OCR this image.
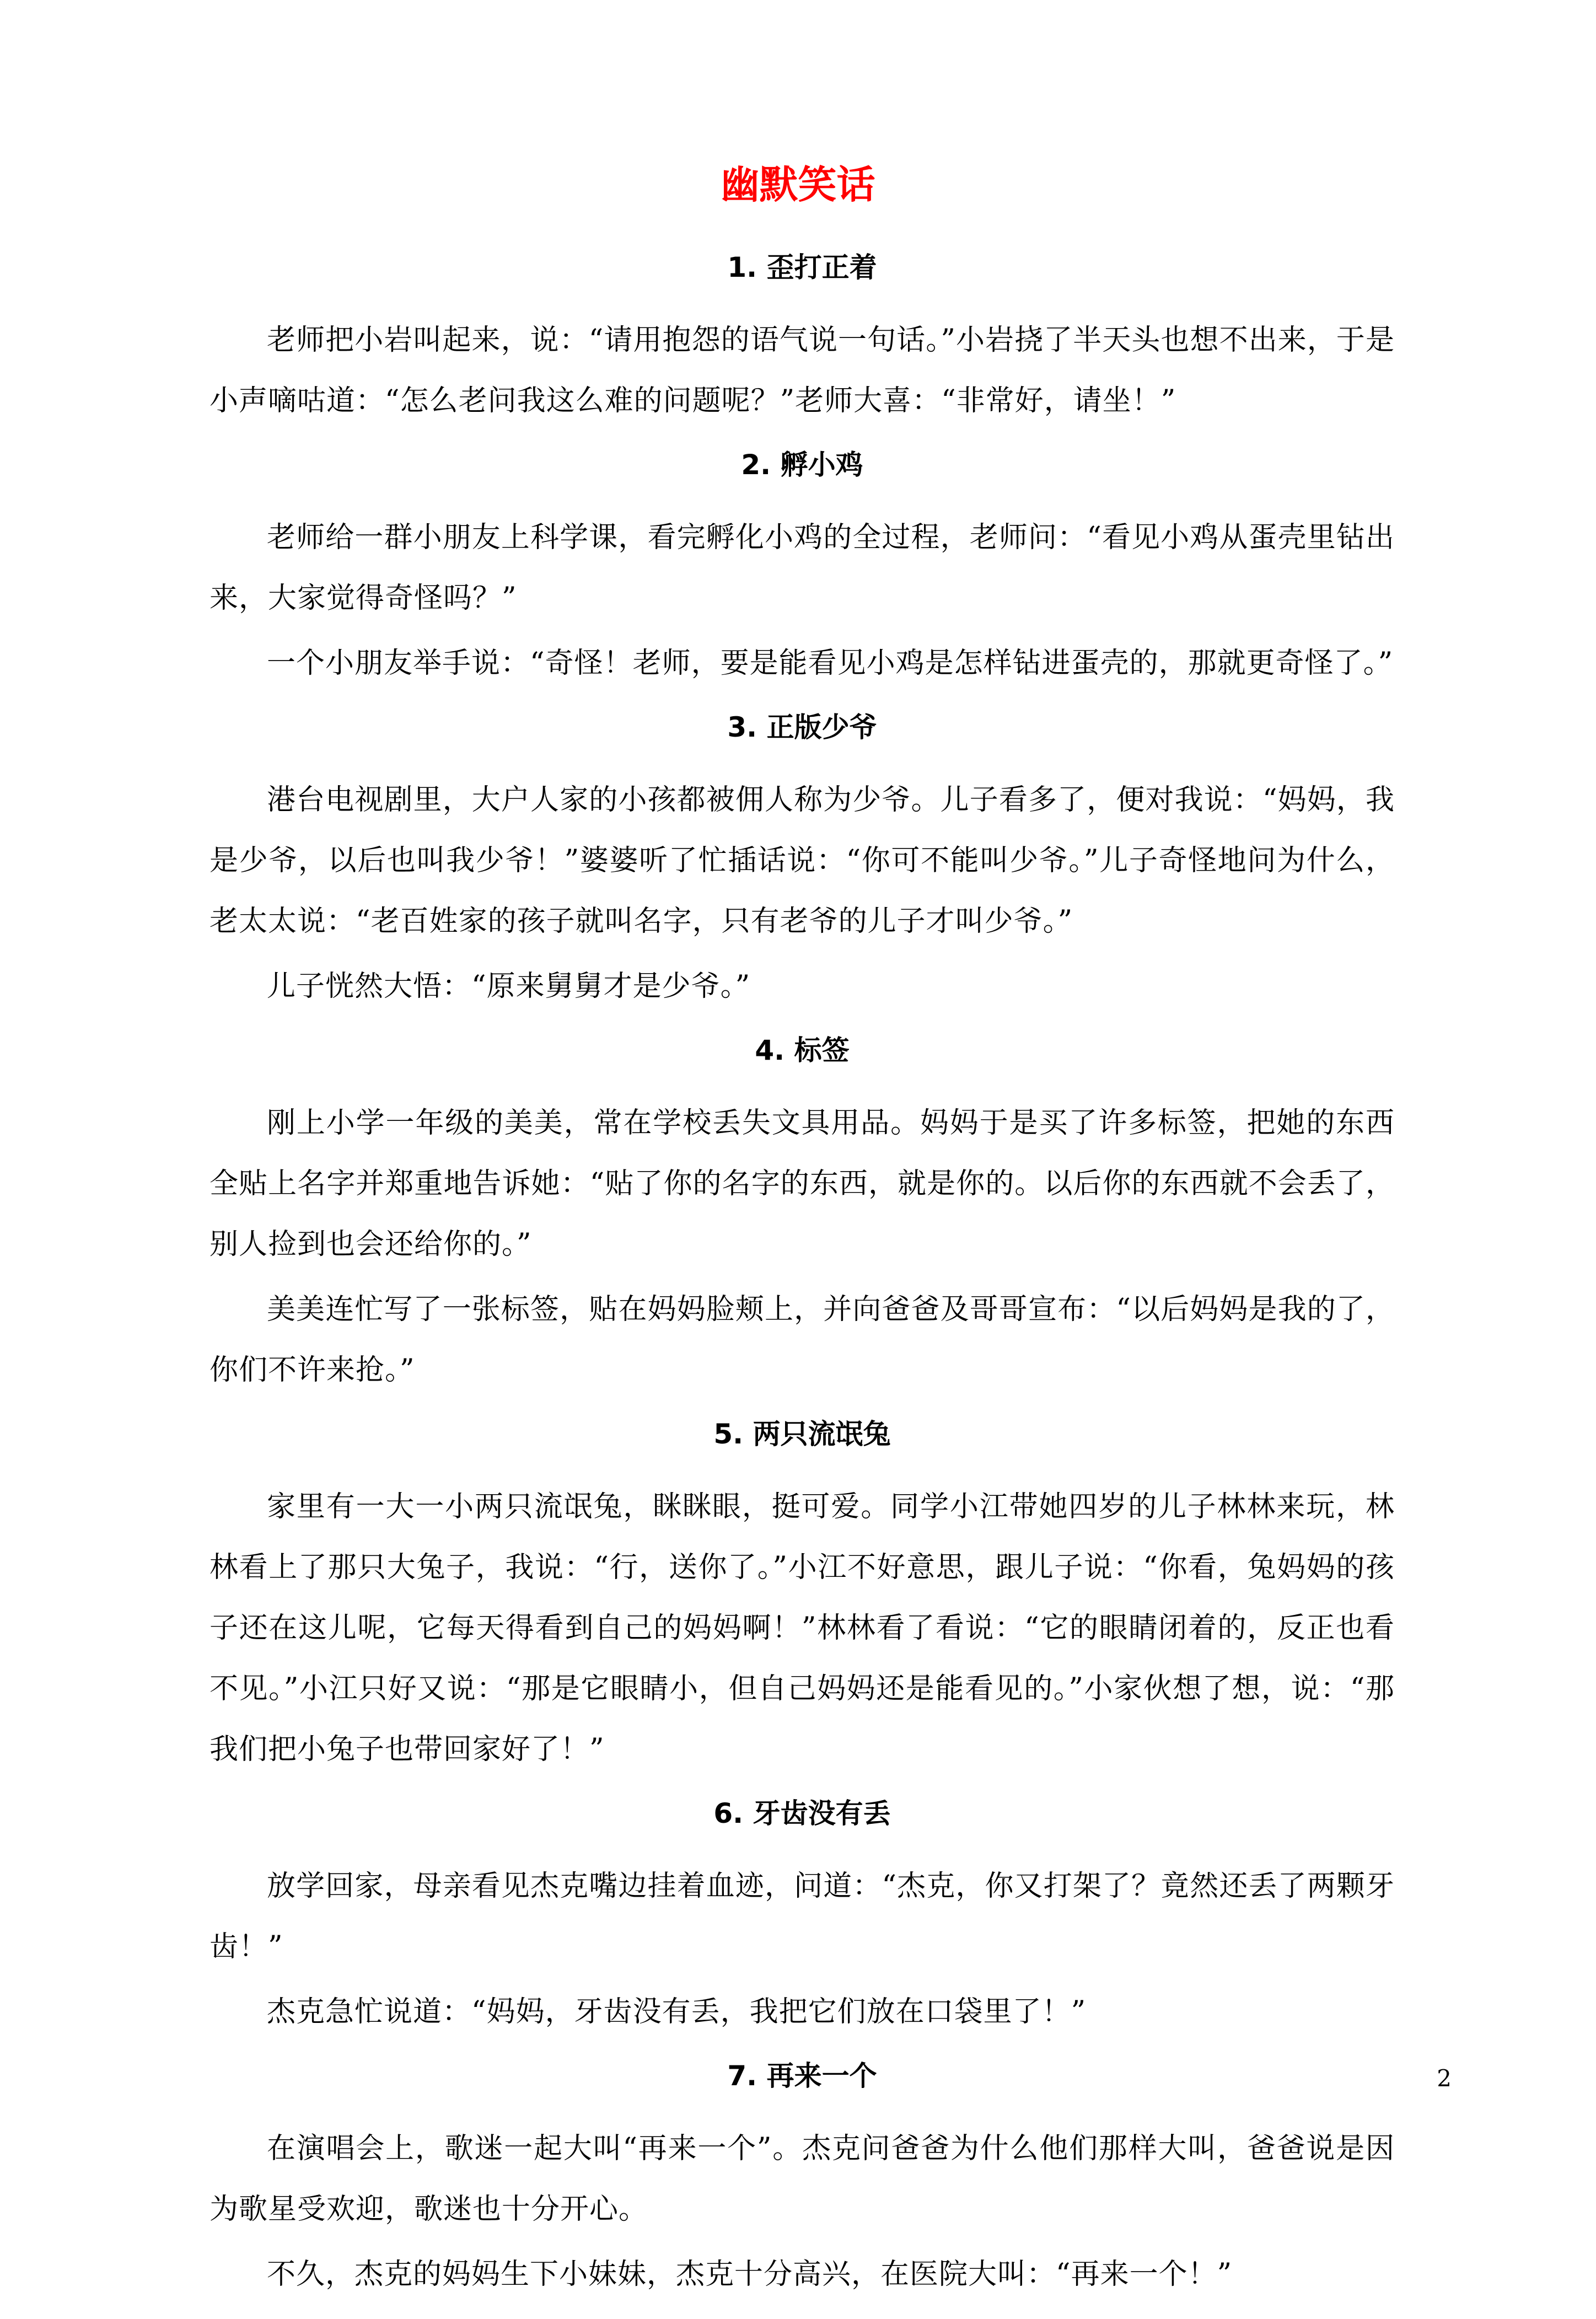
幽默笑话
1. 歪打正着

老师把小岩叫起来，说：“请用抱怨的语气说一句话。”小岩挠了半天头也想不出来，于是小声嘀咕道：“怎么老问我这么难的问题呢？”老师大喜：“非常好，请坐！”

2. 孵小鸡

老师给一群小朋友上科学课，看完孵化小鸡的全过程，老师问：“看见小鸡从蛋壳里钻出来，大家觉得奇怪吗？”

一个小朋友举手说：“奇怪！老师，要是能看见小鸡是怎样钻进蛋壳的，那就更奇怪了。”

3. 正版少爷

港台电视剧里，大户人家的小孩都被佣人称为少爷。儿子看多了，便对我说：“妈妈，我是少爷，以后也叫我少爷！”婆婆听了忙插话说：“你可不能叫少爷。”儿子奇怪地问为什么，老太太说：“老百姓家的孩子就叫名字，只有老爷的儿子才叫少爷。”

儿子恍然大悟：“原来舅舅才是少爷。”

4. 标签

刚上小学一年级的美美，常在学校丢失文具用品。妈妈于是买了许多标签，把她的东西全贴上名字并郑重地告诉她：“贴了你的名字的东西，就是你的。以后你的东西就不会丢了，别人捡到也会还给你的。”

美美连忙写了一张标签，贴在妈妈脸颊上，并向爸爸及哥哥宣布：“以后妈妈是我的了，你们不许来抢。”

5. 两只流氓兔

家里有一大一小两只流氓兔，眯眯眼，挺可爱。同学小江带她四岁的儿子林林来玩，林林看上了那只大兔子，我说：“行，送你了。”小江不好意思，跟儿子说：“你看，兔妈妈的孩子还在这儿呢，它每天得看到自己的妈妈啊！”林林看了看说：“它的眼睛闭着的，反正也看不见。”小江只好又说：“那是它眼睛小，但自己妈妈还是能看见的。”小家伙想了想，说：“那我们把小兔子也带回家好了！”

6. 牙齿没有丢

放学回家，母亲看见杰克嘴边挂着血迹，问道：“杰克，你又打架了？竟然还丢了两颗牙齿！”

杰克急忙说道：“妈妈，牙齿没有丢，我把它们放在口袋里了！”

7. 再来一个

在演唱会上，歌迷一起大叫“再来一个”。杰克问爸爸为什么他们那样大叫，爸爸说是因为歌星受欢迎，歌迷也十分开心。

不久，杰克的妈妈生下小妹妹，杰克十分高兴，在医院大叫：“再来一个！”

2
